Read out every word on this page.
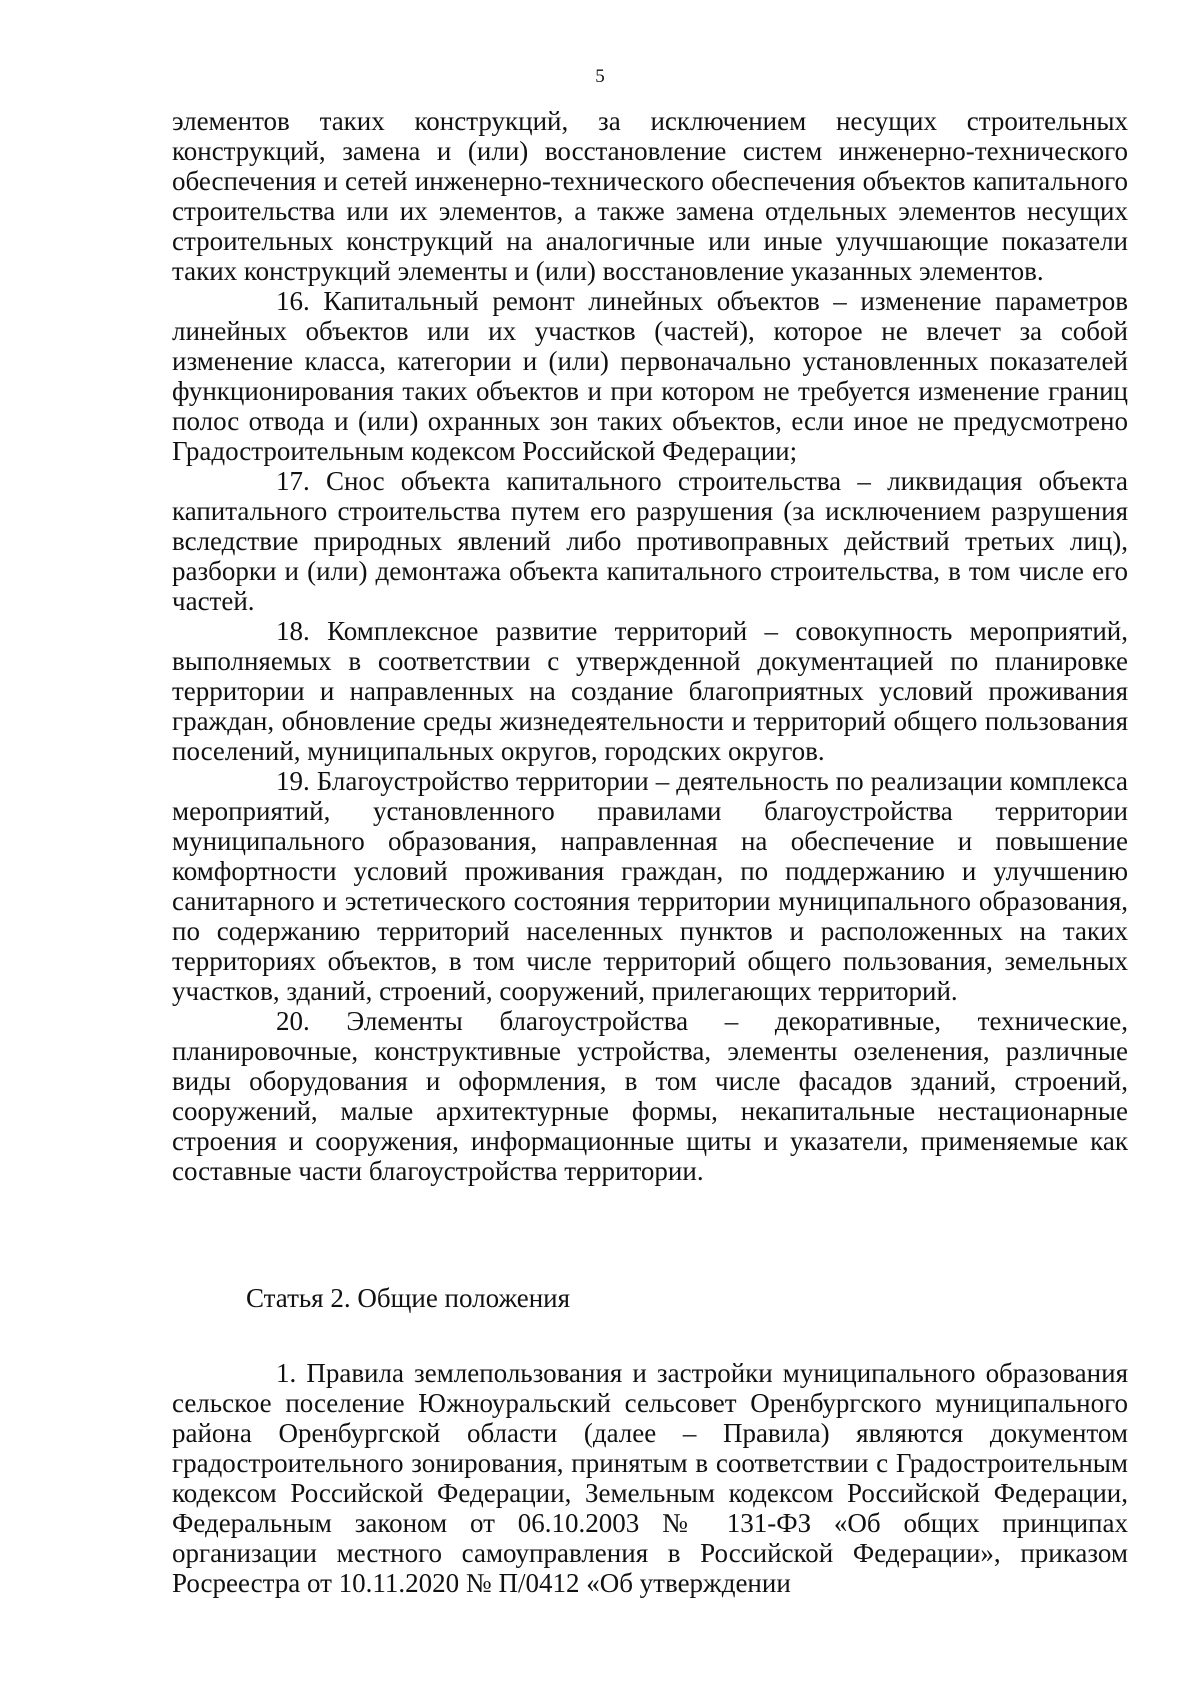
5

элементов таких конструкций, за исключением несущих строительных конструкций, замена и (или) восстановление систем инженерно-технического обеспечения и сетей инженерно-технического обеспечения объектов капитального строительства или их элементов, а также замена отдельных элементов несущих строительных конструкций на аналогичные или иные улучшающие показатели таких конструкций элементы и (или) восстановление указанных элементов.

16. Капитальный ремонт линейных объектов – изменение параметров линейных объектов или их участков (частей), которое не влечет за собой изменение класса, категории и (или) первоначально установленных показателей функционирования таких объектов и при котором не требуется изменение границ полос отвода и (или) охранных зон таких объектов, если иное не предусмотрено Градостроительным кодексом Российской Федерации;

17. Снос объекта капитального строительства – ликвидация объекта капитального строительства путем его разрушения (за исключением разрушения вследствие природных явлений либо противоправных действий третьих лиц), разборки и (или) демонтажа объекта капитального строительства, в том числе его частей.

18. Комплексное развитие территорий – совокупность мероприятий, выполняемых в соответствии с утвержденной документацией по планировке территории и направленных на создание благоприятных условий проживания граждан, обновление среды жизнедеятельности и территорий общего пользования поселений, муниципальных округов, городских округов.

19. Благоустройство территории – деятельность по реализации комплекса мероприятий, установленного правилами благоустройства территории муниципального образования, направленная на обеспечение и повышение комфортности условий проживания граждан, по поддержанию и улучшению санитарного и эстетического состояния территории муниципального образования, по содержанию территорий населенных пунктов и расположенных на таких территориях объектов, в том числе территорий общего пользования, земельных участков, зданий, строений, сооружений, прилегающих территорий.

20. Элементы благоустройства – декоративные, технические, планировочные, конструктивные устройства, элементы озеленения, различные виды оборудования и оформления, в том числе фасадов зданий, строений, сооружений, малые архитектурные формы, некапитальные нестационарные строения и сооружения, информационные щиты и указатели, применяемые как составные части благоустройства территории.

Статья 2. Общие положения

1. Правила землепользования и застройки муниципального образования сельское поселение Южноуральский сельсовет Оренбургского муниципального района Оренбургской области (далее – Правила) являются документом градостроительного зонирования, принятым в соответствии с Градостроительным кодексом Российской Федерации, Земельным кодексом Российской Федерации, Федеральным законом от 06.10.2003 № 131-ФЗ «Об общих принципах организации местного самоуправления в Российской Федерации», приказом Росреестра от 10.11.2020 № П/0412 «Об утверждении
